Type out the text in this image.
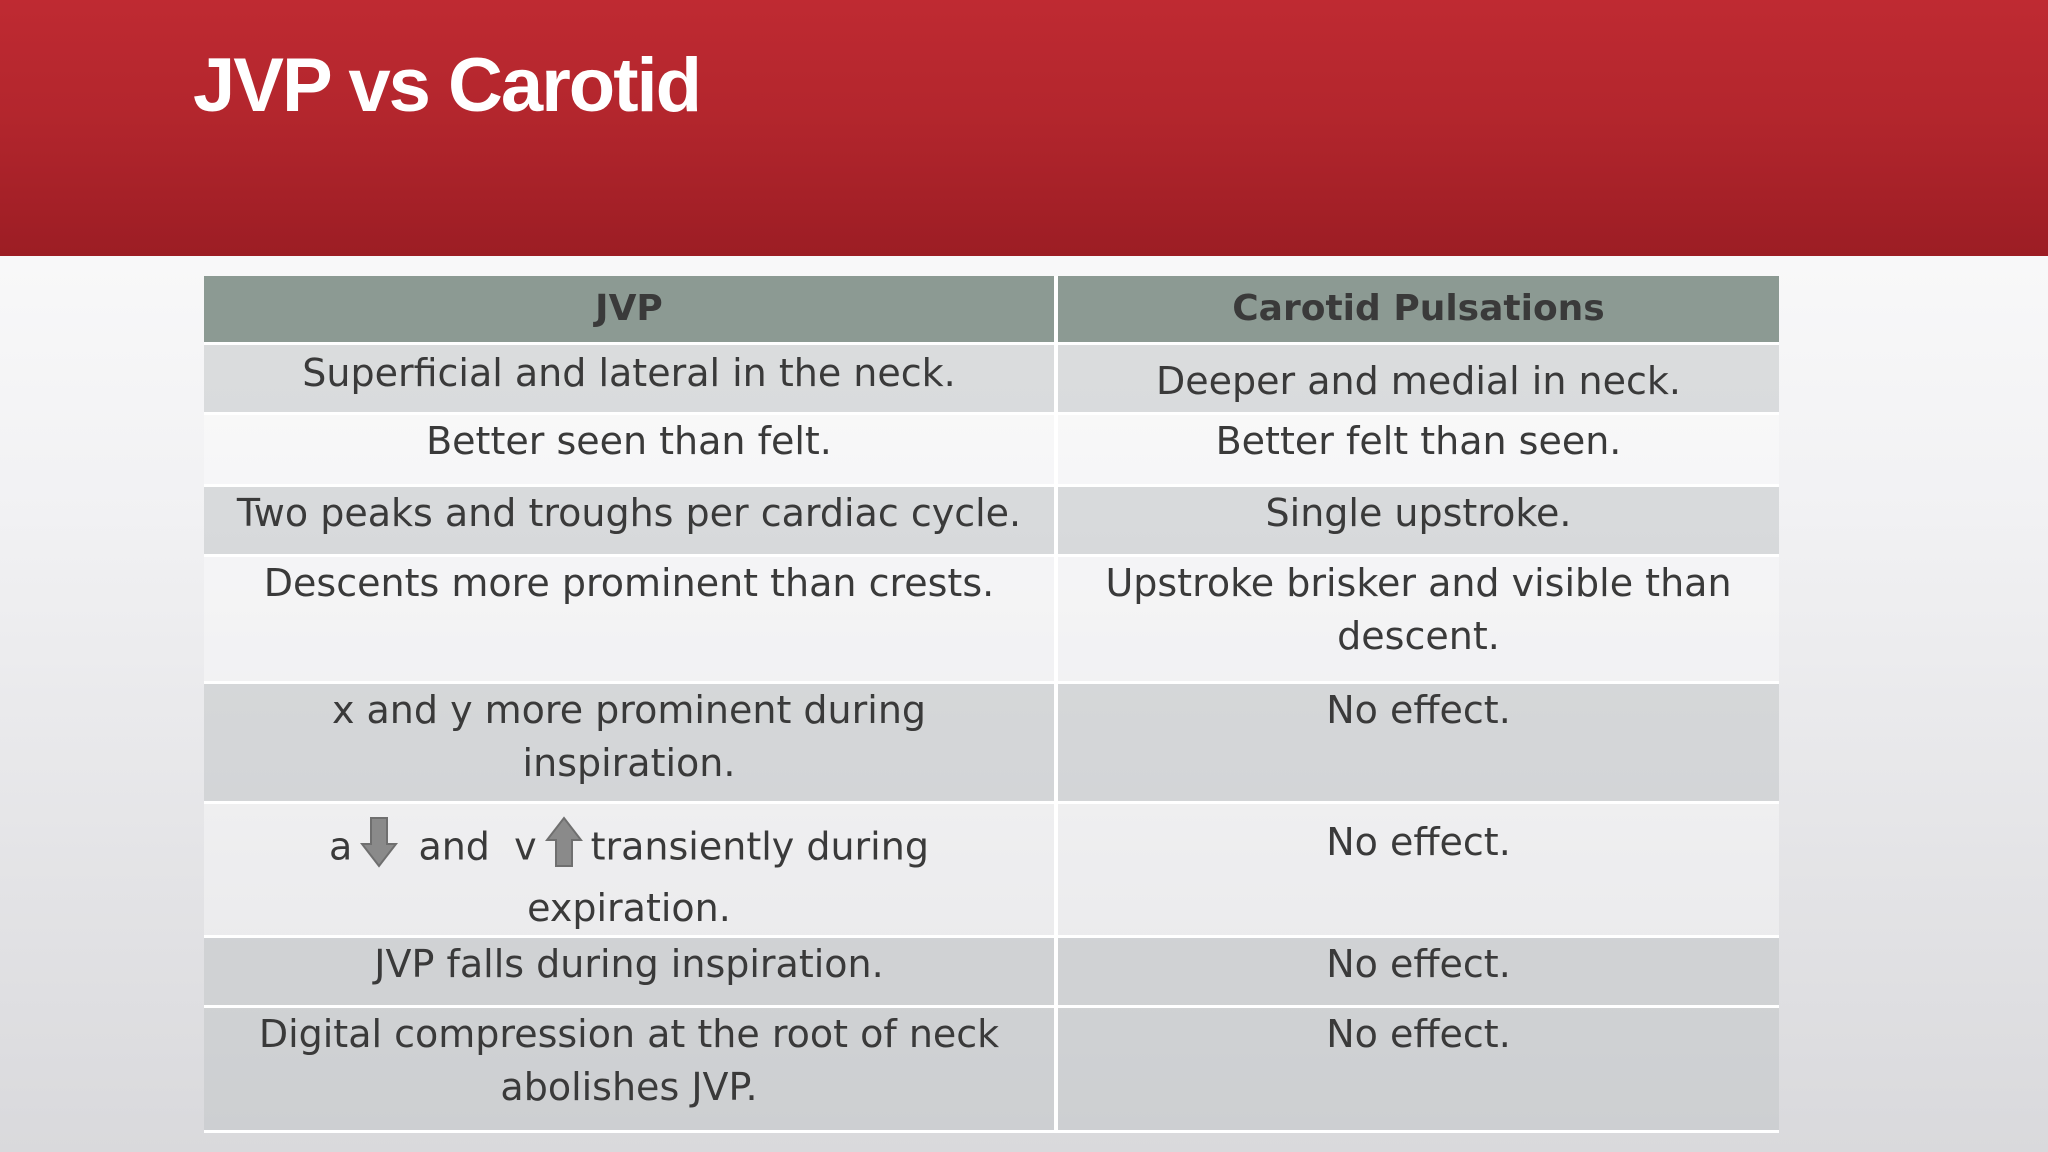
JVP vs Carotid
JVP	Carotid Pulsations
Superficial and lateral in the neck.	Deeper and medial in neck.
Better seen than felt.	Better felt than seen.
Two peaks and troughs per cardiac cycle.	Single upstroke.
Descents more prominent than crests.	Upstroke brisker and visible than descent.
x and y more prominent during inspiration.	No effect.
a and v transiently during expiration.	No effect.
JVP falls during inspiration.	No effect.
Digital compression at the root of neck abolishes JVP.	No effect.
